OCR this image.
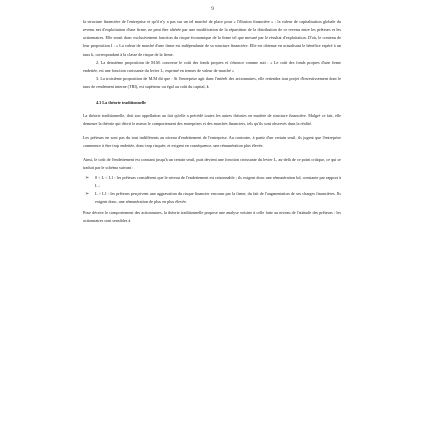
9

la structure financière de l'entreprise et qu'il n'y a pas sur un tel marché de place pour « l'illusion financière » : la valeur de capitalisation globale du revenu net d'exploitation d'une firme, ne peut être altérée par une modification de la répartition de la distribution de ce revenu entre les prêteurs et les actionnaires. Elle serait donc exclusivement fonction du risque économique de la firme tel que mesuré par le résultat d'exploitation. D'où, le contenu de leur proposition I : « La valeur de marché d'une firme est indépendante de sa structure financière. Elle est obtenue en actualisant le bénéfice espéré à un taux k, correspondant à la classe de risque de la firme.

2. La deuxième proposition de M.M. concerne le coût des fonds propres et s'énonce comme suit : « Le coût des fonds propres d'une firme endettée, est une fonction croissante du levier L, exprimé en termes de valeur de marché »

3. La troisième proposition de M.M dit que : Si l'entreprise agit dans l'intérêt des actionnaires, elle retiendra tout projet d'investissement dont le taux de rendement interne (TRI), est supérieur ou égal au coût du capital, k

4.3 La théorie traditionnelle

La théorie traditionnelle, doit son appellation au fait qu'elle a précédé toutes les autres théories en matière de structure financière. Malgré ce fait, elle demeure la théorie qui décrit le mieux le comportement des entreprises et des marchés financiers, tels qu'ils sont observés dans la réalité.

Les prêteurs ne sont pas du tout indifférents au niveau d'endettement de l'entreprise. Au contraire, à partir d'un certain seuil, ils jugent que l'entreprise commence à être trop endettée, donc trop risquée, et exigent en conséquence, une rémunération plus élevée.

Ainsi, le coût de l'endettement est constant jusqu'à un certain seuil, puis devient une fonction croissante du levier L, au-delà de ce point critique, ce qui se traduit par le schéma suivant :

➢ 0 < L < L1 : les prêteurs considèrent que le niveau de l'endettement est raisonnable ; ils exigent donc une rémunération kd, constante par rapport à L ;
➢ L > L1 : les prêteurs perçoivent une aggravation du risque financier encouru par la firme, du fait de l'augmentation de ses charges financières. Ils exigent donc, une rémunération de plus en plus élevée.

Pour décrire le comportement des actionnaires, la théorie traditionnelle propose une analyse voisine à celle faite au niveau de l'attitude des prêteurs : les actionnaires sont sensibles à
